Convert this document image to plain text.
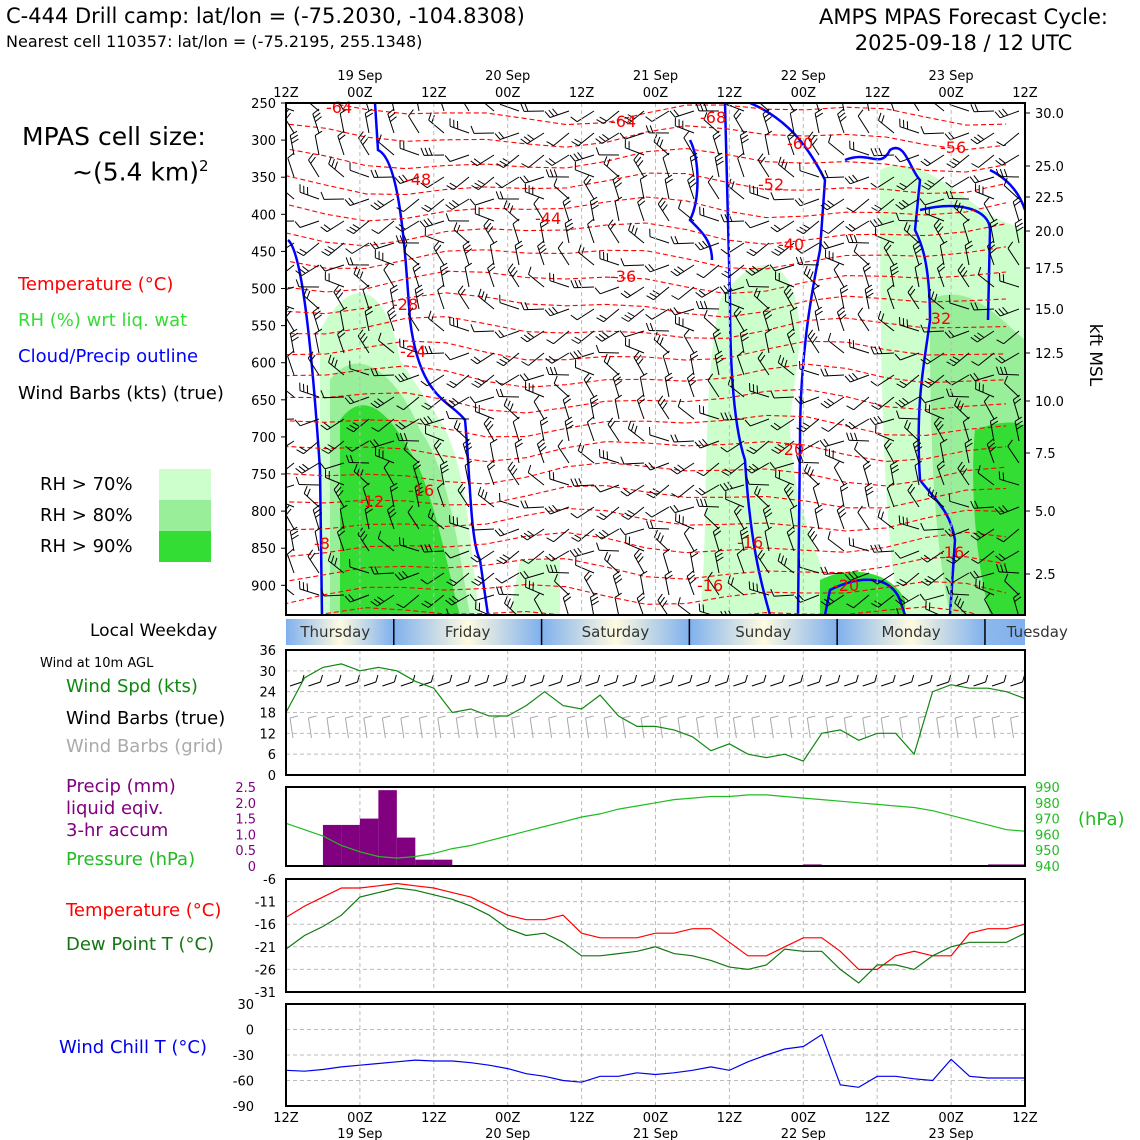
C-444 Drill camp: lat/lon = (-75.2030, -104.8308)
Nearest cell 110357: lat/lon = (-75.2195, 255.1348)
AMPS MPAS Forecast Cycle:
2025-09-18 / 12 UTC
MPAS cell size:
~(5.4 km)$^2$
Temperature (°C)
RH (%) wrt liq. wat
Cloud/Precip outline
Wind Barbs (kts) (true)
RH > 70%
RH > 80%
RH > 90%
Local Weekday
Wind at 10m AGL
Wind Spd (kts)
Wind Barbs (true)
Wind Barbs (grid)
Precip (mm)
liquid eqiv.
3-hr accum
Pressure (hPa)
(hPa)
Temperature (°C)
Dew Point T (°C)
Wind Chill T (°C)
-64
-64	-68
-60	-56
-48	-52
-44
-40
-36
-32
-28
-24
-20
-16
-16
-16
-16
-12
-8
-20
250
300
350
400
450
500
550
600
650
700
750
800
850
900
30.0
25.0
22.5
20.0
17.5
15.0
12.5
10.0
7.5
5.0
2.5
kft MSL
12Z	00Z	12Z	00Z	12Z	00Z	12Z	00Z	12Z	00Z	12Z
19 Sep	20 Sep	21 Sep	22 Sep	23 Sep
Thursday	Friday	Saturday	Sunday	Monday	Tuesday
0
6
12
18
24
30
36
2.5
2.0
1.5
1.0
0.5
0
990
980
970
960
950
940
-6
-11
-16
-21
-26
-31
30
0
-30
-60
-90
12Z	00Z	12Z	00Z	12Z	00Z	12Z	00Z	12Z	00Z	12Z
19 Sep	20 Sep	21 Sep	22 Sep	23 Sep
